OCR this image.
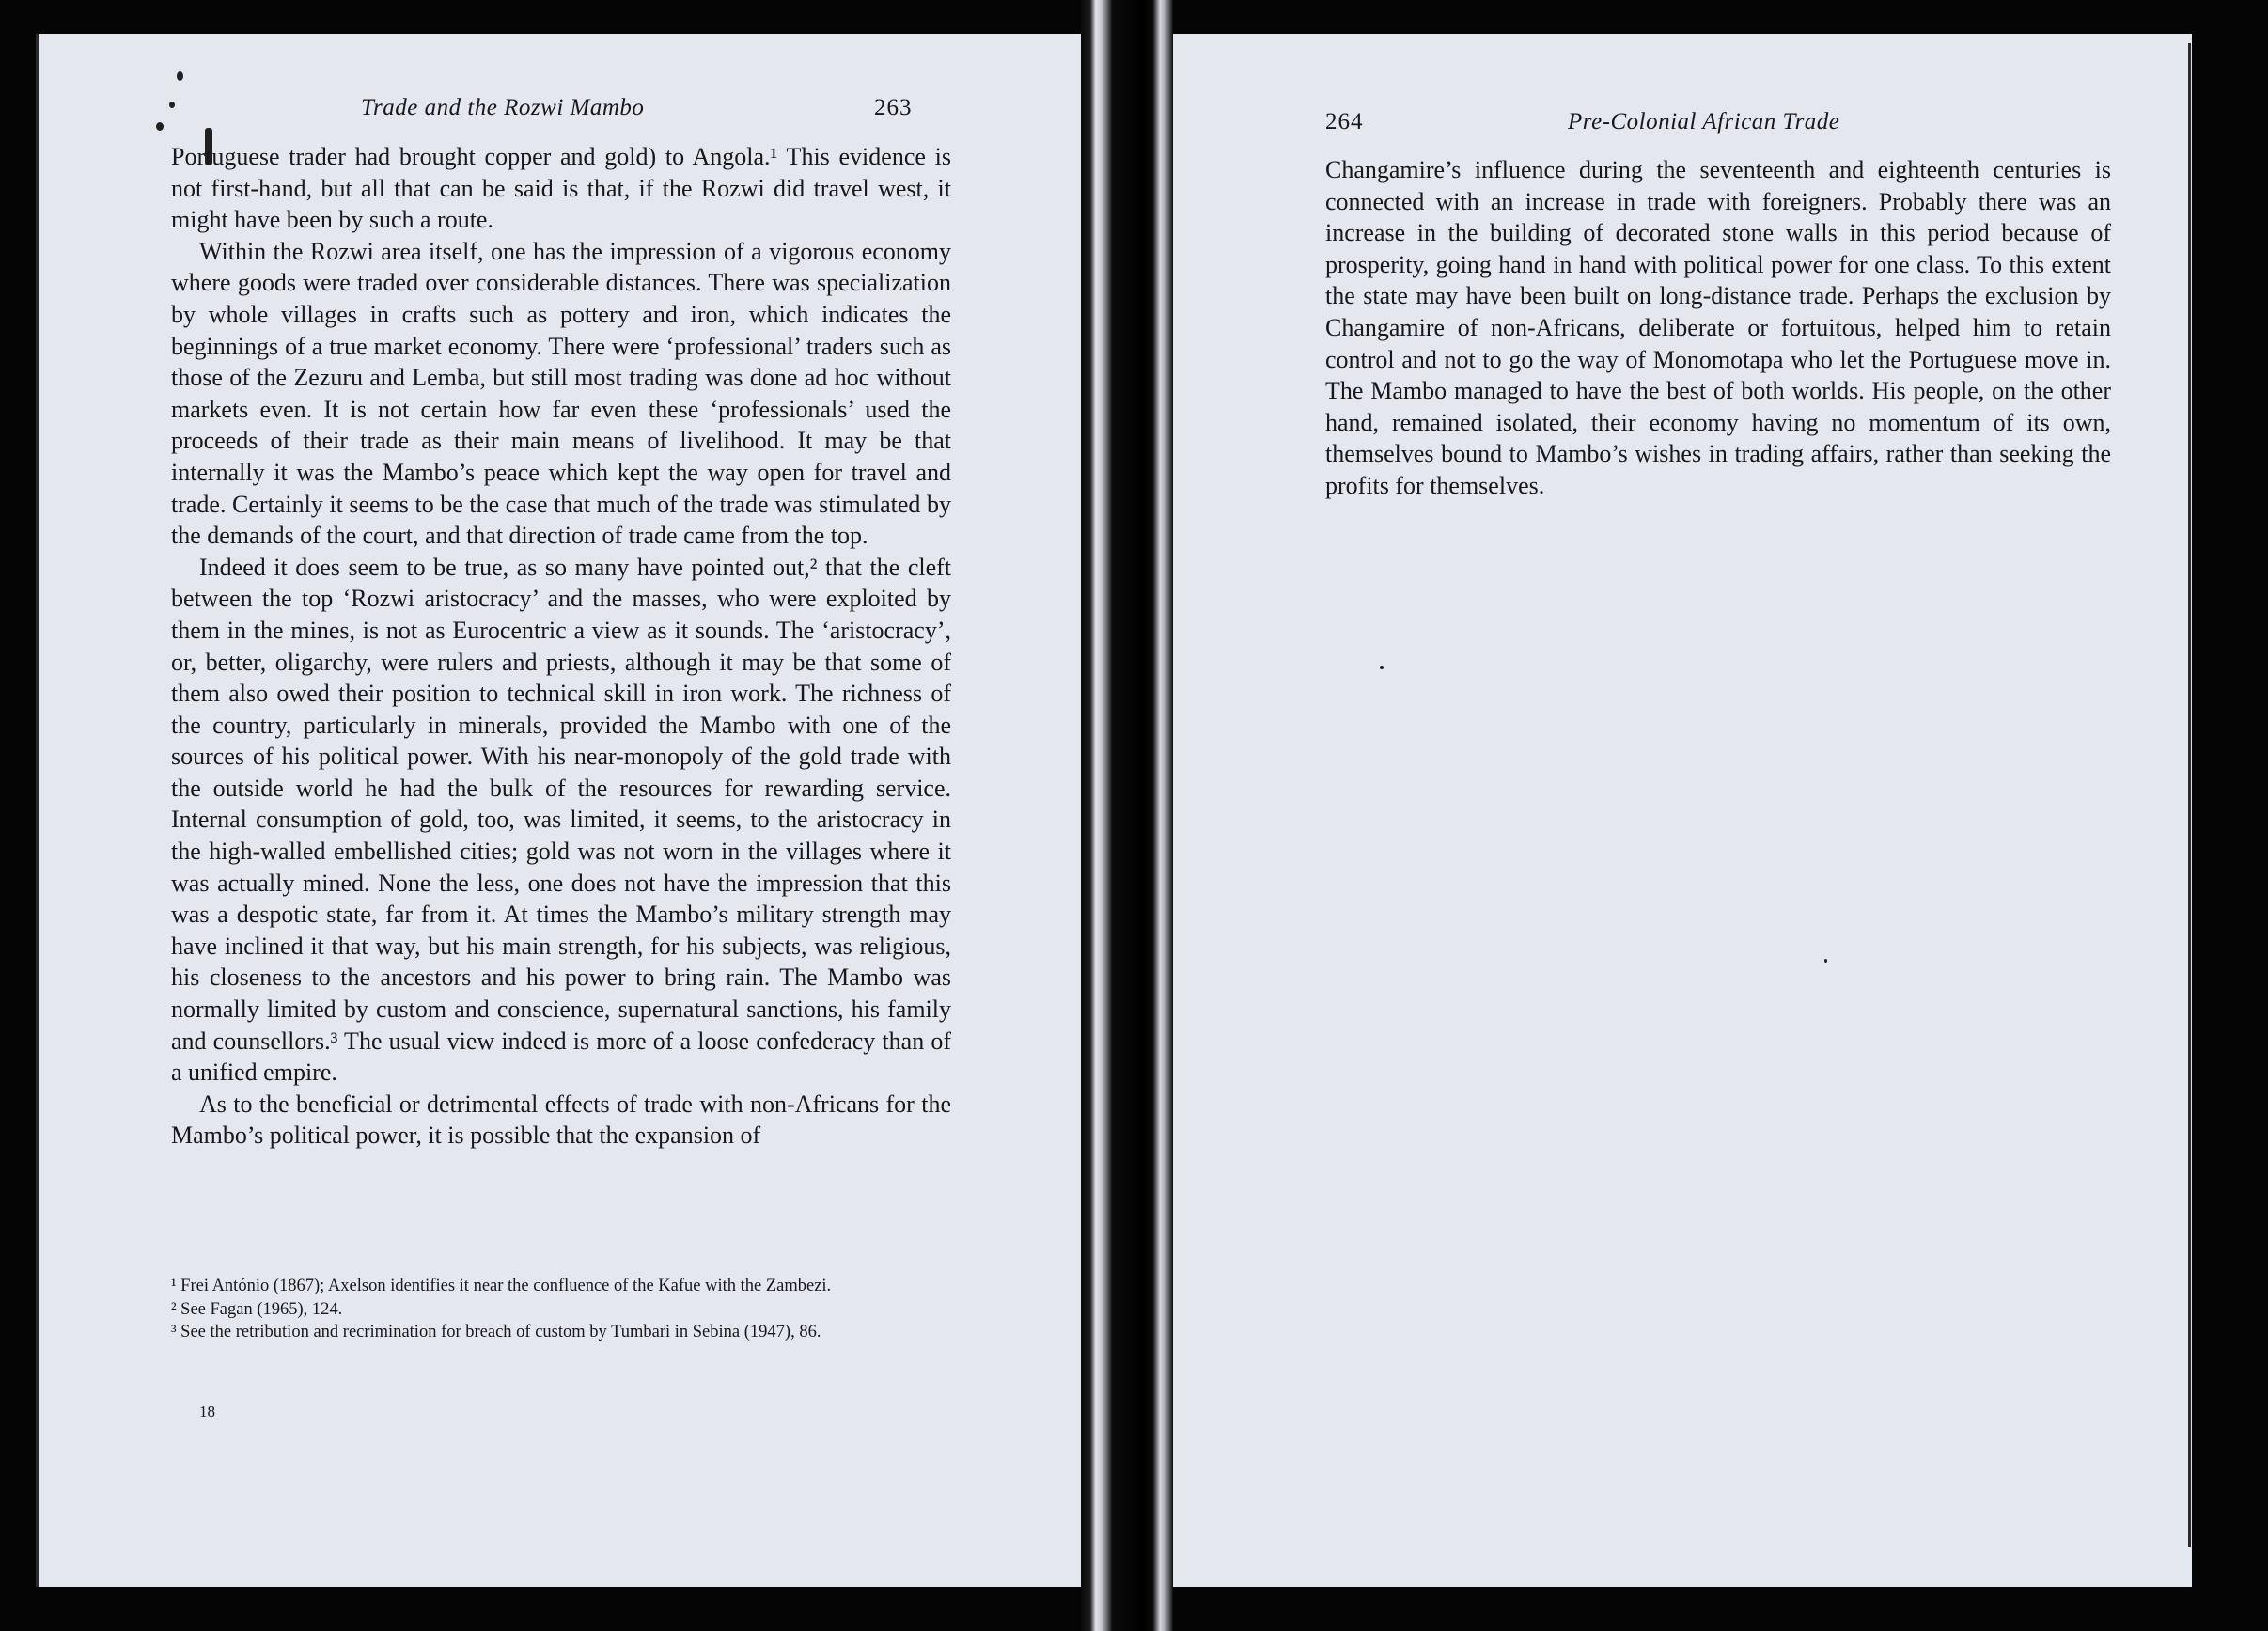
Trade and the Rozwi Mambo	263

Portuguese trader had brought copper and gold) to Angola.¹ This evidence is not first-hand, but all that can be said is that, if the Rozwi did travel west, it might have been by such a route.

Within the Rozwi area itself, one has the impression of a vigorous economy where goods were traded over considerable distances. There was specialization by whole villages in crafts such as pottery and iron, which indicates the beginnings of a true market economy. There were ‘professional’ traders such as those of the Zezuru and Lemba, but still most trading was done ad hoc without markets even. It is not certain how far even these ‘professionals’ used the proceeds of their trade as their main means of livelihood. It may be that internally it was the Mambo’s peace which kept the way open for travel and trade. Certainly it seems to be the case that much of the trade was stimulated by the demands of the court, and that direction of trade came from the top.

Indeed it does seem to be true, as so many have pointed out,² that the cleft between the top ‘Rozwi aristocracy’ and the masses, who were exploited by them in the mines, is not as Eurocentric a view as it sounds. The ‘aristocracy’, or, better, oligarchy, were rulers and priests, although it may be that some of them also owed their position to technical skill in iron work. The richness of the country, particularly in minerals, provided the Mambo with one of the sources of his political power. With his near-monopoly of the gold trade with the outside world he had the bulk of the resources for rewarding service. Internal consumption of gold, too, was limited, it seems, to the aristocracy in the high-walled embellished cities; gold was not worn in the villages where it was actually mined. None the less, one does not have the impression that this was a despotic state, far from it. At times the Mambo’s military strength may have inclined it that way, but his main strength, for his subjects, was religious, his closeness to the ancestors and his power to bring rain. The Mambo was normally limited by custom and conscience, supernatural sanctions, his family and counsellors.³ The usual view indeed is more of a loose confederacy than of a unified empire.

As to the beneficial or detrimental effects of trade with non-Africans for the Mambo’s political power, it is possible that the expansion of

¹ Frei António (1867); Axelson identifies it near the confluence of the Kafue with the Zambezi.

² See Fagan (1965), 124.

³ See the retribution and recrimination for breach of custom by Tumbari in Sebina (1947), 86.

18
264	Pre-Colonial African Trade

Changamire’s influence during the seventeenth and eighteenth centuries is connected with an increase in trade with foreigners. Probably there was an increase in the building of decorated stone walls in this period because of prosperity, going hand in hand with political power for one class. To this extent the state may have been built on long-distance trade. Perhaps the exclusion by Changamire of non-Africans, deliberate or fortuitous, helped him to retain control and not to go the way of Monomotapa who let the Portuguese move in. The Mambo managed to have the best of both worlds. His people, on the other hand, remained isolated, their economy having no momentum of its own, themselves bound to Mambo’s wishes in trading affairs, rather than seeking the profits for themselves.
